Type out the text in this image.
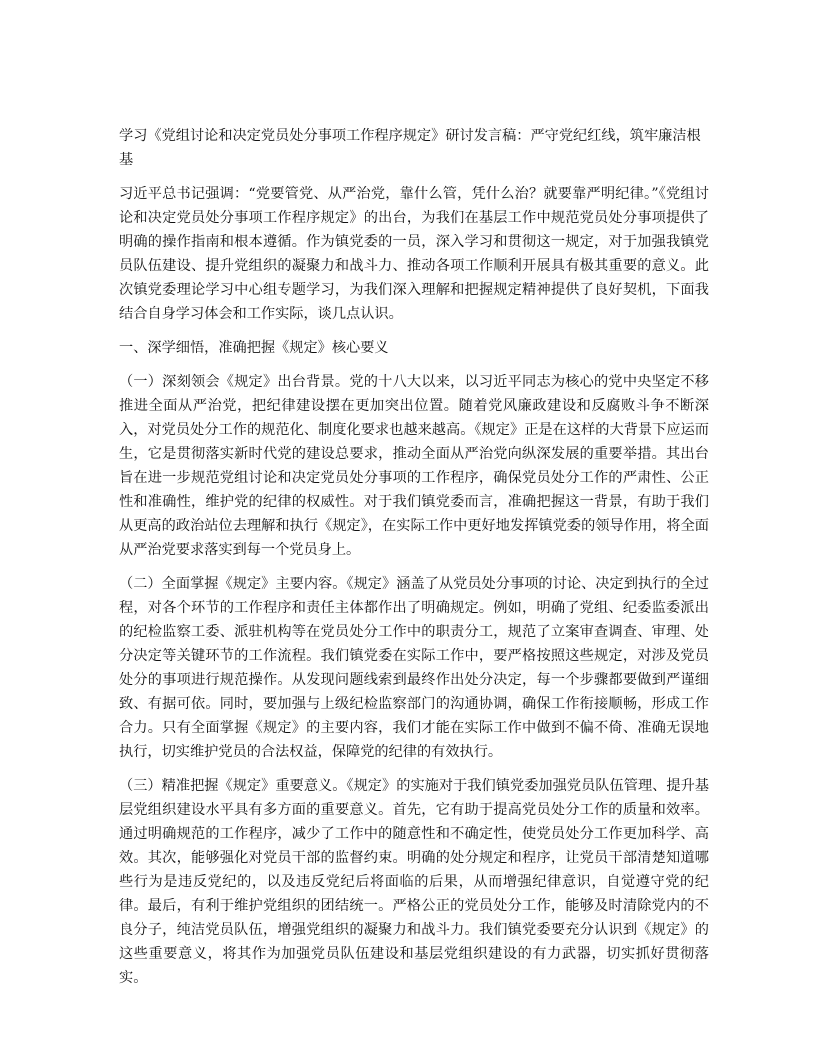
学习《党组讨论和决定党员处分事项工作程序规定》研讨发言稿：严守党纪红线，筑牢廉洁根基

习近平总书记强调：“党要管党、从严治党，靠什么管，凭什么治？就要靠严明纪律。”《党组讨论和决定党员处分事项工作程序规定》的出台，为我们在基层工作中规范党员处分事项提供了明确的操作指南和根本遵循。作为镇党委的一员，深入学习和贯彻这一规定，对于加强我镇党员队伍建设、提升党组织的凝聚力和战斗力、推动各项工作顺利开展具有极其重要的意义。此次镇党委理论学习中心组专题学习，为我们深入理解和把握规定精神提供了良好契机，下面我结合自身学习体会和工作实际，谈几点认识。

一、深学细悟，准确把握《规定》核心要义

（一）深刻领会《规定》出台背景。党的十八大以来，以习近平同志为核心的党中央坚定不移推进全面从严治党，把纪律建设摆在更加突出位置。随着党风廉政建设和反腐败斗争不断深入，对党员处分工作的规范化、制度化要求也越来越高。《规定》正是在这样的大背景下应运而生，它是贯彻落实新时代党的建设总要求，推动全面从严治党向纵深发展的重要举措。其出台旨在进一步规范党组讨论和决定党员处分事项的工作程序，确保党员处分工作的严肃性、公正性和准确性，维护党的纪律的权威性。对于我们镇党委而言，准确把握这一背景，有助于我们从更高的政治站位去理解和执行《规定》，在实际工作中更好地发挥镇党委的领导作用，将全面从严治党要求落实到每一个党员身上。

（二）全面掌握《规定》主要内容。《规定》涵盖了从党员处分事项的讨论、决定到执行的全过程，对各个环节的工作程序和责任主体都作出了明确规定。例如，明确了党组、纪委监委派出的纪检监察工委、派驻机构等在党员处分工作中的职责分工，规范了立案审查调查、审理、处分决定等关键环节的工作流程。我们镇党委在实际工作中，要严格按照这些规定，对涉及党员处分的事项进行规范操作。从发现问题线索到最终作出处分决定，每一个步骤都要做到严谨细致、有据可依。同时，要加强与上级纪检监察部门的沟通协调，确保工作衔接顺畅，形成工作合力。只有全面掌握《规定》的主要内容，我们才能在实际工作中做到不偏不倚、准确无误地执行，切实维护党员的合法权益，保障党的纪律的有效执行。

（三）精准把握《规定》重要意义。《规定》的实施对于我们镇党委加强党员队伍管理、提升基层党组织建设水平具有多方面的重要意义。首先，它有助于提高党员处分工作的质量和效率。通过明确规范的工作程序，减少了工作中的随意性和不确定性，使党员处分工作更加科学、高效。其次，能够强化对党员干部的监督约束。明确的处分规定和程序，让党员干部清楚知道哪些行为是违反党纪的，以及违反党纪后将面临的后果，从而增强纪律意识，自觉遵守党的纪律。最后，有利于维护党组织的团结统一。严格公正的党员处分工作，能够及时清除党内的不良分子，纯洁党员队伍，增强党组织的凝聚力和战斗力。我们镇党委要充分认识到《规定》的这些重要意义，将其作为加强党员队伍建设和基层党组织建设的有力武器，切实抓好贯彻落实。
